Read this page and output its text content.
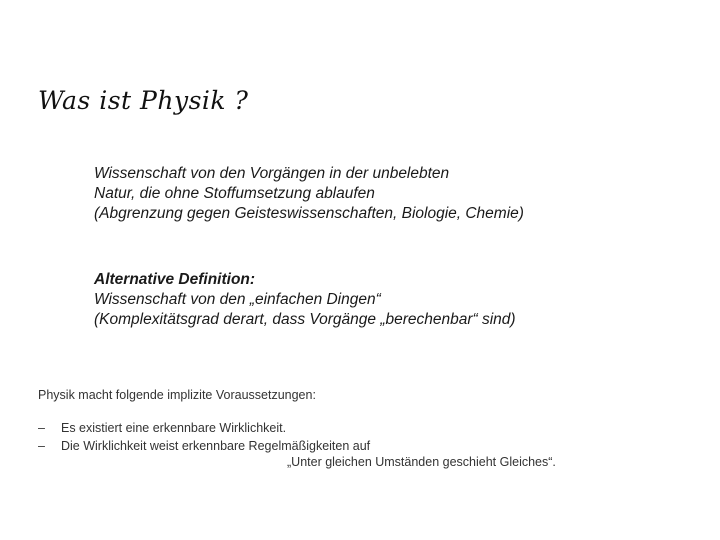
Was ist Physik ?
Wissenschaft von den Vorgängen in der unbelebten
Natur, die ohne Stoffumsetzung ablaufen
(Abgrenzung gegen Geisteswissenschaften, Biologie, Chemie)
Alternative Definition:
Wissenschaft von den „einfachen Dingen“
(Komplexitätsgrad derart, dass Vorgänge „berechenbar“ sind)
Physik macht folgende implizite Voraussetzungen:
– Es existiert eine erkennbare Wirklichkeit.
– Die Wirklichkeit weist erkennbare Regelmäßigkeiten auf
„Unter gleichen Umständen geschieht Gleiches“.
